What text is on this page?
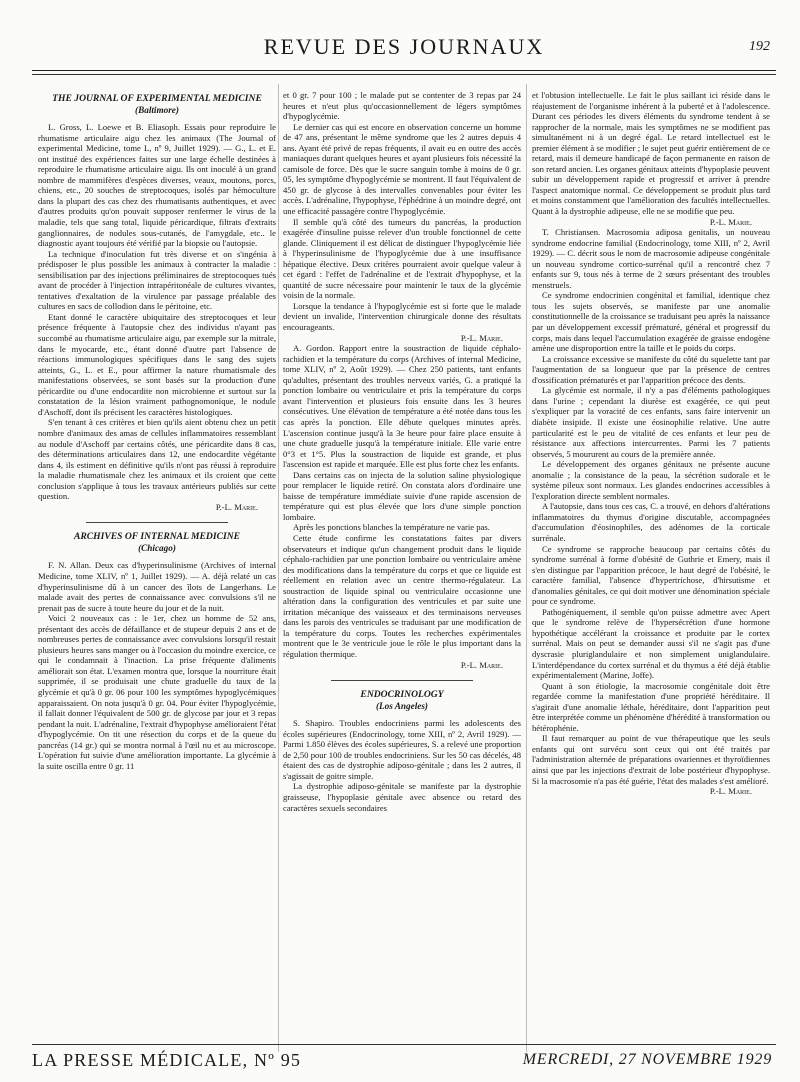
REVUE DES JOURNAUX	192
THE JOURNAL OF EXPERIMENTAL MEDICINE
(Baltimore)

L. Gross, L. Loewe et B. Eliasoph. Essais pour reproduire le rhumatisme articulaire aigu chez les animaux (The Journal of experimental Medicine, tome L, nº 9, Juillet 1929). — G., L. et E. ont institué des expériences faites sur une large échelle destinées à reproduire le rhumatisme articulaire aigu. Ils ont inoculé à un grand nombre de mammifères d'espèces diverses, veaux, moutons, porcs, chiens, etc., 20 souches de streptocoques, isolés par hémoculture dans la plupart des cas chez des rhumatisants authentiques, et avec d'autres produits qu'on pouvait supposer renfermer le virus de la maladie, tels que sang total, liquide péricardique, filtrats d'extraits ganglionnaires, de nodules sous-cutanés, de l'amygdale, etc.. le diagnostic ayant toujours été vérifié par la biopsie ou l'autopsie.

La technique d'inoculation fut très diverse et on s'ingénia à prédisposer le plus possible les animaux à contracter la maladie : sensibilisation par des injections préliminaires de streptocoques tués avant de procéder à l'injection intrapéritonéale de cultures vivantes, tentatives d'exaltation de la virulence par passage préalable des cultures en sacs de collodion dans le péritoine, etc.

Etant donné le caractère ubiquitaire des streptocoques et leur présence fréquente à l'autopsie chez des individus n'ayant pas succombé au rhumatisme articulaire aigu, par exemple sur la mitrale, dans le myocarde, etc., étant donné d'autre part l'absence de réactions immunologiques spécifiques dans le sang des sujets atteints, G., L. et E., pour affirmer la nature rhumatismale des manifestations observées, se sont basés sur la production d'une péricardite ou d'une endocardite non microbienne et surtout sur la constatation de la lésion vraiment pathognomonique, le nodule d'Aschoff, dont ils précisent les caractères histologiques.

S'en tenant à ces critères et bien qu'ils aient obtenu chez un petit nombre d'animaux des amas de cellules inflammatoires ressemblant au nodule d'Aschoff par certains côtés, une péricardite dans 8 cas, des déterminations articulaires dans 12, une endocardite végétante dans 4, ils estiment en définitive qu'ils n'ont pas réussi à reproduire la maladie rhumatismale chez les animaux et ils croient que cette conclusion s'applique à tous les travaux antérieurs publiés sur cette question.

P.-L. Marie.

ARCHIVES OF INTERNAL MEDICINE
(Chicago)

F. N. Allan. Deux cas d'hyperinsulinisme (Archives of internal Medicine, tome XLIV, nº 1, Juillet 1929). — A. déjà relaté un cas d'hyperinsulinisme dû à un cancer des îlots de Langerhans. Le malade avait des pertes de connaissance avec convulsions s'il ne prenait pas de sucre à toute heure du jour et de la nuit.

Voici 2 nouveaux cas : le 1er, chez un homme de 52 ans, présentant des accès de défaillance et de stupeur depuis 2 ans et de nombreuses pertes de connaissance avec convulsions lorsqu'il restait plusieurs heures sans manger ou à l'occasion du moindre exercice, ce qui le condamnait à l'inaction. La prise fréquente d'aliments améliorait son état. L'examen montra que, lorsque la nourriture était supprimée, il se produisait une chute graduelle du taux de la glycémie et qu'à 0 gr. 06 pour 100 les symptômes hypoglycémiques apparaissaient. On nota jusqu'à 0 gr. 04. Pour éviter l'hypoglycémie, il fallait donner l'équivalent de 500 gr. de glycose par jour et 3 repas pendant la nuit. L'adrénaline, l'extrait d'hypophyse amélioraient l'état d'hypoglycémie. On tit une résection du corps et de la queue du pancréas (14 gr.) qui se montra normal à l'œil nu et au microscope. L'opération fut suivie d'une amélioration importante. La glycémie à la suite oscilla entre 0 gr. 11

et 0 gr. 7 pour 100 ; le malade put se contenter de 3 repas par 24 heures et n'eut plus qu'occasionnellement de légers symptômes d'hypoglycémie.

Le dernier cas qui est encore en observation concerne un homme de 47 ans, présentant le même syndrome que les 2 autres depuis 4 ans. Ayant été privé de repas fréquents, il avait eu en outre des accès maniaques durant quelques heures et ayant plusieurs fois nécessité la camisole de force. Dès que le sucre sanguin tombe à moins de 0 gr. 05, les symptôme d'hypoglycémie se montrent. Il faut l'équivalent de 450 gr. de glycose à des intervalles convenables pour éviter les accès. L'adrénaline, l'hypophyse, l'éphédrine à un moindre degré, ont une efficacité passagère contre l'hypoglycémie.

Il semble qu'à côté des tumeurs du pancréas, la production exagérée d'insuline puisse relever d'un trouble fonctionnel de cette glande. Cliniquement il est délicat de distinguer l'hypoglycémie liée à l'hyperinsulinisme de l'hypoglycémie due à une insuffisance hépatique élective. Deux critères pourraient avoir quelque valeur à cet égard : l'effet de l'adrénaline et de l'extrait d'hypophyse, et la quantité de sucre nécessaire pour maintenir le taux de la glycémie voisin de la normale.

Lorsque la tendance à l'hypoglycémie est si forte que le malade devient un invalide, l'intervention chirurgicale donne des résultats encourageants.

P.-L. Marie.

A. Gordon. Rapport entre la soustraction de liquide céphalo-rachidien et la température du corps (Archives of internal Medicine, tome XLIV, nº 2, Août 1929). — Chez 250 patients, tant enfants qu'adultes, présentant des troubles nerveux variés, G. a pratiqué la ponction lombaire ou ventriculaire et pris la température du corps avant l'intervention et plusieurs fois ensuite dans les 3 heures consécutives. Une élévation de température a été notée dans tous les cas après la ponction. Elle débute quelques minutes après. L'ascension continue jusqu'à la 3e heure pour faire place ensuite à une chute graduelle jusqu'à la température initiale. Elle varie entre 0°3 et 1°5. Plus la soustraction de liquide est grande, et plus l'ascension est rapide et marquée. Elle est plus forte chez les enfants.

Dans certains cas on injecta de la solution saline physiologique pour remplacer le liquide retiré. On constata alors d'ordinaire une baisse de température immédiate suivie d'une rapide ascension de température qui est plus élevée que lors d'une simple ponction lombaire.

Après les ponctions blanches la température ne varie pas.

Cette étude confirme les constatations faites par divers observateurs et indique qu'un changement produit dans le liquide céphalo-rachidien par une ponction lombaire ou ventriculaire amène des modifications dans la température du corps et que ce liquide est réellement en relation avec un centre thermo-régulateur. La soustraction de liquide spinal ou ventriculaire occasionne une altération dans la configuration des ventricules et par suite une irritation mécanique des vaisseaux et des terminaisons nerveuses dans les parois des ventricules se traduisant par une modification de la température du corps. Toutes les recherches expérimentales montrent que le 3e ventricule joue le rôle le plus important dans la régulation thermique.

P.-L. Marie.

ENDOCRINOLOGY
(Los Angeles)

S. Shapiro. Troubles endocriniens parmi les adolescents des écoles supérieures (Endocrinology, tome XIII, nº 2, Avril 1929). — Parmi 1.850 élèves des écoles supérieures, S. a relevé une proportion de 2,50 pour 100 de troubles endocriniens. Sur les 50 cas décelés, 48 étaient des cas de dystrophie adiposo-génitale ; dans les 2 autres, il s'agissait de goitre simple.

La dystrophie adiposo-génitale se manifeste par la dystrophie graisseuse, l'hypoplasie génitale avec absence ou retard des caractères sexuels secondaires

et l'obtusion intellectuelle. Le fait le plus saillant ici réside dans le réajustement de l'organisme inhérent à la puberté et à l'adolescence. Durant ces périodes les divers éléments du syndrome tendent à se rapprocher de la normale, mais les symptômes ne se modifient pas simultanément ni à un degré égal. Le retard intellectuel est le premier élément à se modifier ; le sujet peut guérir entièrement de ce retard, mais il demeure handicapé de façon permanente en raison de son retard ancien. Les organes génitaux atteints d'hypoplasie peuvent subir un développement rapide et progressif et arriver à prendre l'aspect anatomique normal. Ce développement se produit plus tard et moins constamment que l'amélioration des facultés intellectuelles. Quant à la dystrophie adipeuse, elle ne se modifie que peu.

P.-L. Marie.

T. Christiansen. Macrosomia adiposa genitalis, un nouveau syndrome endocrine familial (Endocrinology, tome XIII, nº 2, Avril 1929). — C. décrit sous le nom de macrosomie adipeuse congénitale un nouveau syndrome cortico-surrénal qu'il a rencontré chez 7 enfants sur 9, tous nés à terme de 2 sœurs présentant des troubles menstruels.

Ce syndrome endocrinien congénital et familial, identique chez tous les sujets observés, se manifeste par une anomalie constitutionnelle de la croissance se traduisant peu après la naissance par un développement excessif prématuré, général et progressif du corps, mais dans lequel l'accumulation exagérée de graisse endogène amène une disproportion entre la taille et le poids du corps.

La croissance excessive se manifeste du côté du squelette tant par l'augmentation de sa longueur que par la présence de centres d'ossification prématurés et par l'apparition précoce des dents.

La glycémie est normale, il n'y a pas d'éléments pathologiques dans l'urine ; cependant la diurèse est exagérée, ce qui peut s'expliquer par la voracité de ces enfants, sans faire intervenir un diabète insipide. Il existe une éosinophilie relative. Une autre particularité est le peu de vitalité de ces enfants et leur peu de résistance aux affections intercurrentes. Parmi les 7 patients observés, 5 moururent au cours de la première année.

Le développement des organes génitaux ne présente aucune anomalie ; la consistance de la peau, la sécrétion sudorale et le système pileux sont normaux. Les glandes endocrines accessibles à l'exploration directe semblent normales.

A l'autopsie, dans tous ces cas, C. a trouvé, en dehors d'altérations inflammatoires du thymus d'origine discutable, accompagnées d'accumulation d'éosinophiles, des adénomes de la corticale surrénale.

Ce syndrome se rapproche beaucoup par certains côtés du syndrome surrénal à forme d'obésité de Guthrie et Emery, mais il s'en distingue par l'apparition précoce, le haut degré de l'obésité, le caractère familial, l'absence d'hypertrichose, d'hirsutisme et d'anomalies génitales, ce qui doit motiver une dénomination spéciale pour ce syndrome.

Pathogéniquement, il semble qu'on puisse admettre avec Apert que le syndrome relève de l'hypersécrétion d'une hormone hypothétique accélérant la croissance et produite par le cortex surrénal. Mais on peut se demander aussi s'il ne s'agit pas d'une dyscrasie pluriglandulaire et non simplement uniglandulaire. L'interdépendance du cortex surrénal et du thymus a été déjà établie expérimentalement (Marine, Joffe).

Quant à son étiologie, la macrosomie congénitale doit être regardée comme la manifestation d'une propriété héréditaire. Il s'agirait d'une anomalie léthale, héréditaire, dont l'apparition peut être interprétée comme un phénomène d'hérédité à transformation ou hétérophénie.

Il faut remarquer au point de vue thérapeutique que les seuls enfants qui ont survécu sont ceux qui ont été traités par l'administration alternée de préparations ovariennes et thyroïdiennes ainsi que par les injections d'extrait de lobe postérieur d'hypophyse. Si la macrosomie n'a pas été guérie, l'état des malades s'est amélioré.

P.-L. Marie.

LA PRESSE MÉDICALE, Nº 95	MERCREDI, 27 NOVEMBRE 1929
